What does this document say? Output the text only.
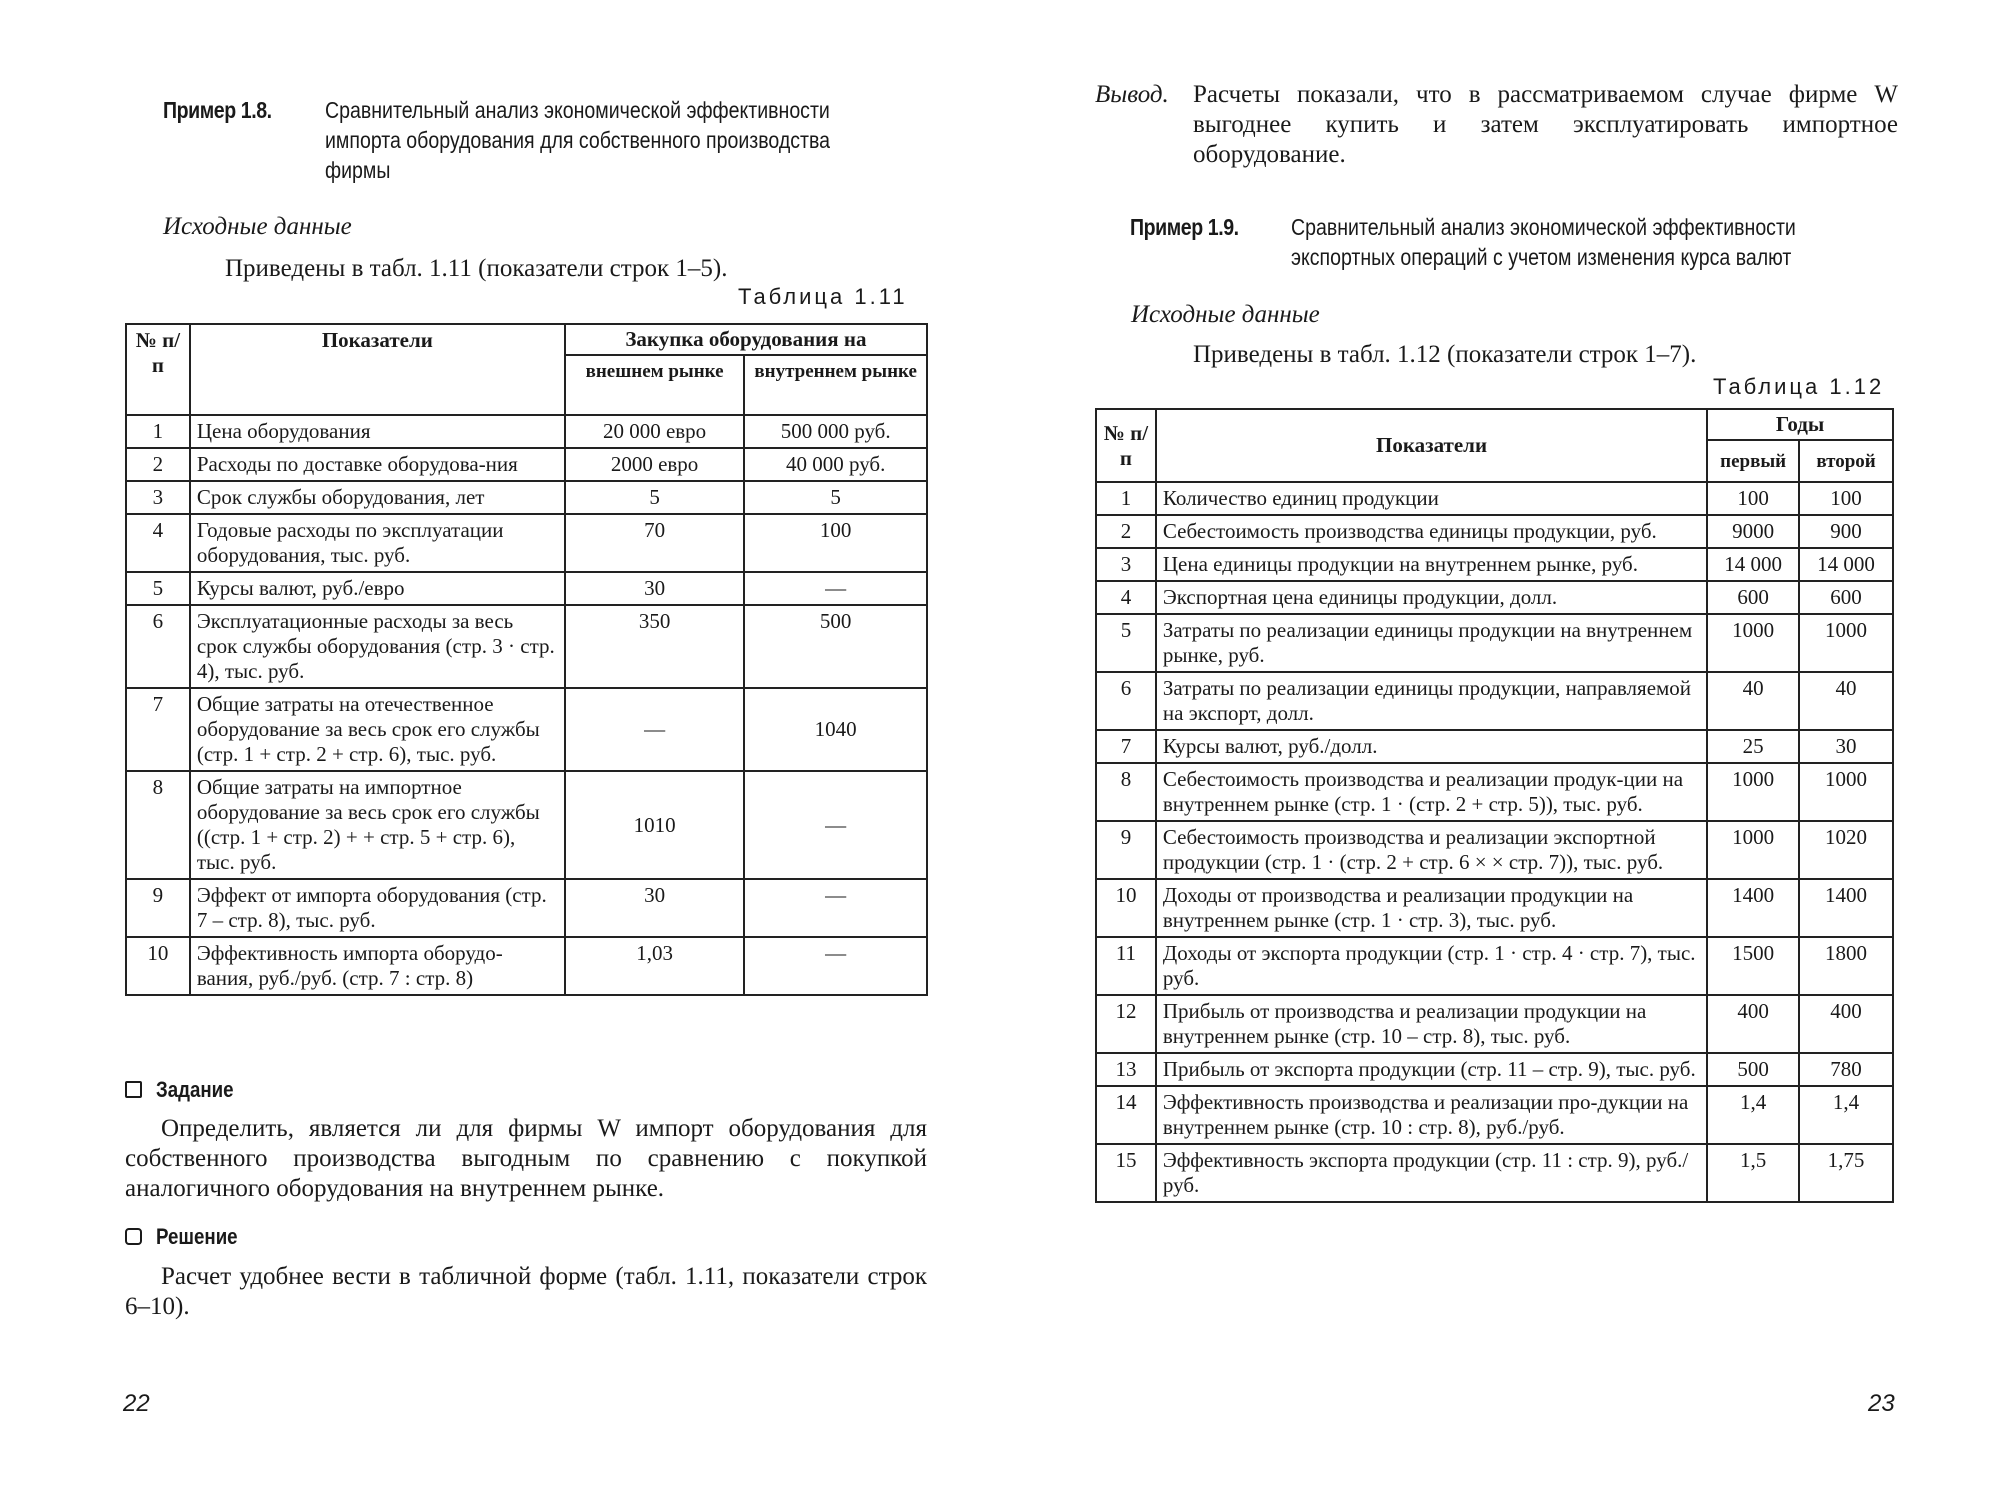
Пример 1.8.	Сравнительный анализ экономической эффективности
импорта оборудования для собственного производства
фирмы
Исходные данные
Приведены в табл. 1.11 (показатели строк 1–5).
Таблица 1.11
№ п/п	Показатели	Закупка оборудования на	
		внешнем рынке	внутреннем рынке
1	Цена оборудования	20 000 евро	500 000 руб.
2	Расходы по доставке оборудова-ния	2000 евро	40 000 руб.
3	Срок службы оборудования, лет	5	5
4	Годовые расходы по эксплуатации оборудования, тыс. руб.	70	100
5	Курсы валют, руб./евро	30	—
6	Эксплуатационные расходы за весь срок службы оборудования (стр. 3 · стр. 4), тыс. руб.	350	500
7	Общие затраты на отечественное оборудование за весь срок его службы (стр. 1 + стр. 2 + стр. 6), тыс. руб.	—	1040
8	Общие затраты на импортное оборудование за весь срок его службы ((стр. 1 + стр. 2) + + стр. 5 + стр. 6), тыс. руб.	1010	—
9	Эффект от импорта оборудования (стр. 7 – стр. 8), тыс. руб.	30	—
10	Эффективность импорта оборудо-вания, руб./руб. (стр. 7 : стр. 8)	1,03	—
Задание
Определить, является ли для фирмы W импорт оборудования для собственного производства выгодным по сравнению с покупкой аналогичного оборудования на внутреннем рынке.
Решение
Расчет удобнее вести в табличной форме (табл. 1.11, показатели строк 6–10).
22
Вывод. Расчеты показали, что в рассматриваемом случае фирме W выгоднее купить и затем эксплуатировать импортное оборудование.
Пример 1.9.	Сравнительный анализ экономической эффективности
экспортных операций с учетом изменения курса валют
Исходные данные
Приведены в табл. 1.12 (показатели строк 1–7).
Таблица 1.12
№ п/п	Показатели	Годы	
		первый	второй
1	Количество единиц продукции	100	100
2	Себестоимость производства единицы продукции, руб.	9000	900
3	Цена единицы продукции на внутреннем рынке, руб.	14 000	14 000
4	Экспортная цена единицы продукции, долл.	600	600
5	Затраты по реализации единицы продукции на внутреннем рынке, руб.	1000	1000
6	Затраты по реализации единицы продукции, направляемой на экспорт, долл.	40	40
7	Курсы валют, руб./долл.	25	30
8	Себестоимость производства и реализации продук-ции на внутреннем рынке (стр. 1 · (стр. 2 + стр. 5)), тыс. руб.	1000	1000
9	Себестоимость производства и реализации экспортной продукции (стр. 1 · (стр. 2 + стр. 6 × × стр. 7)), тыс. руб.	1000	1020
10	Доходы от производства и реализации продукции на внутреннем рынке (стр. 1 · стр. 3), тыс. руб.	1400	1400
11	Доходы от экспорта продукции (стр. 1 · стр. 4 · стр. 7), тыс. руб.	1500	1800
12	Прибыль от производства и реализации продукции на внутреннем рынке (стр. 10 – стр. 8), тыс. руб.	400	400
13	Прибыль от экспорта продукции (стр. 11 – стр. 9), тыс. руб.	500	780
14	Эффективность производства и реализации про-дукции на внутреннем рынке (стр. 10 : стр. 8), руб./руб.	1,4	1,4
15	Эффективность экспорта продукции (стр. 11 : стр. 9), руб./руб.	1,5	1,75
23
